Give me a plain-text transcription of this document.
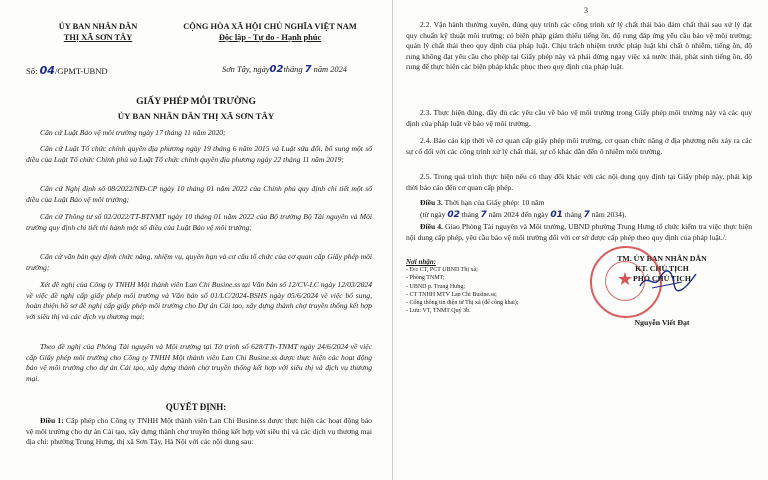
ỦY BAN NHÂN DÂN
THỊ XÃ SƠN TÂY
CỘNG HÒA XÃ HỘI CHỦ NGHĨA VIỆT NAM
Độc lập - Tự do - Hạnh phúc
Số: 04/GPMT-UBND	Sơn Tây, ngày02tháng 7 năm 2024
GIẤY PHÉP MÔI TRƯỜNG
ỦY BAN NHÂN DÂN THỊ XÃ SƠN TÂY
Căn cứ Luật Bảo vệ môi trường ngày 17 tháng 11 năm 2020;
Căn cứ Luật Tổ chức chính quyền địa phương ngày 19 tháng 6 năm 2015 và Luật sửa đổi, bổ sung một số điều của Luật Tổ chức Chính phủ và Luật Tổ chức chính quyền địa phương ngày 22 tháng 11 năm 2019;
Căn cứ Nghị định số 08/2022/NĐ-CP ngày 10 tháng 01 năm 2022 của Chính phủ quy định chi tiết một số điều của Luật Bảo vệ môi trường;
Căn cứ Thông tư số 02/2022/TT-BTNMT ngày 10 tháng 01 năm 2022 của Bộ trưởng Bộ Tài nguyên và Môi trường quy định chi tiết thi hành một số điều của Luật Bảo vệ môi trường;
Căn cứ văn bản quy định chức năng, nhiệm vụ, quyền hạn và cơ cấu tổ chức của cơ quan cấp Giấy phép môi trường;
Xét đề nghị của Công ty TNHH Một thành viên Lan Chi Busine.ss tại Văn bản số 12/CV-LC ngày 12/03/2024 về việc đề nghị cấp giấy phép môi trường và Văn bản số 01/LC/2024-BSHS ngày 05/6/2024 về việc bổ sung, hoàn thiện hồ sơ đề nghị cấp giấy phép môi trường cho Dự án Cải tạo, xây dựng thành chợ truyền thống kết hợp với siêu thị và các dịch vụ thương mại;
Theo đề nghị của Phòng Tài nguyên và Môi trường tại Tờ trình số 628/TTr-TNMT ngày 24/6/2024 về việc cấp Giấy phép môi trường cho Công ty TNHH Một thành viên Lan Chi Busine.ss được thực hiện các hoạt động bảo vệ môi trường cho dự án Cải tạo, xây dựng thành chợ truyền thống kết hợp với siêu thị và dịch vụ thương mại.
QUYẾT ĐỊNH:
Điều 1: Cấp phép cho Công ty TNHH Một thành viên Lan Chi Busine.ss được thực hiện các hoạt động bảo vệ môi trường cho dự án Cải tạo, xây dựng thành chợ truyền thống kết hợp với siêu thị và các dịch vụ thương mại địa chỉ: phường Trung Hưng, thị xã Sơn Tây, Hà Nội với các nội dung sau:
3
2.2. Vận hành thường xuyên, đúng quy trình các công trình xử lý chất thải bảo đảm chất thải sau xử lý đạt quy chuẩn kỹ thuật môi trường; có biện pháp giảm thiểu tiếng ồn, độ rung đáp ứng yêu cầu bảo vệ môi trường; quản lý chất thải theo quy định của pháp luật. Chịu trách nhiệm trước pháp luật khi chất ô nhiễm, tiếng ồn, độ rung không đạt yêu cầu cho phép tại Giấy phép này và phải dừng ngay việc xả nước thải, phát sinh tiếng ồn, độ rung để thực hiện các biện pháp khắc phục theo quy định của pháp luật.
2.3. Thực hiện đúng, đầy đủ các yêu cầu về bảo vệ môi trường trong Giấy phép môi trường này và các quy định của pháp luật về bảo vệ môi trường.
2.4. Báo cáo kịp thời về cơ quan cấp giấy phép môi trường, cơ quan chức năng ở địa phương nếu xảy ra các sự cố đối với các công trình xử lý chất thải, sự cố khác dẫn đến ô nhiễm môi trường.
2.5. Trong quá trình thực hiện nếu có thay đổi khác với các nội dung quy định tại Giấy phép này, phải kịp thời báo cáo đến cơ quan cấp phép.
Điều 3. Thời hạn của Giấy phép: 10 năm
(từ ngày 02 tháng 7 năm 2024 đến ngày 01 tháng 7 năm 2034).
Điều 4. Giao Phòng Tài nguyên và Môi trường, UBND phường Trung Hưng tổ chức kiểm tra việc thực hiện nội dung cấp phép, yêu cầu bảo vệ môi trường đối với cơ sở được cấp phép theo quy định của pháp luật./.
Nơi nhận:
- Đ/c CT, PCT UBND Thị xã;
- Phòng TNMT;
- UBND p. Trung Hưng;
- CT TNHH MTV Lan Chi Busine.ss;
- Cổng thông tin điện tử Thị xã (để công khai);
- Lưu: VT, TNMT Quý 3b.
TM. ỦY BAN NHÂN DÂN
KT. CHỦ TỊCH
PHÓ CHỦ TỊCH
★
Nguyễn Viết Đạt
